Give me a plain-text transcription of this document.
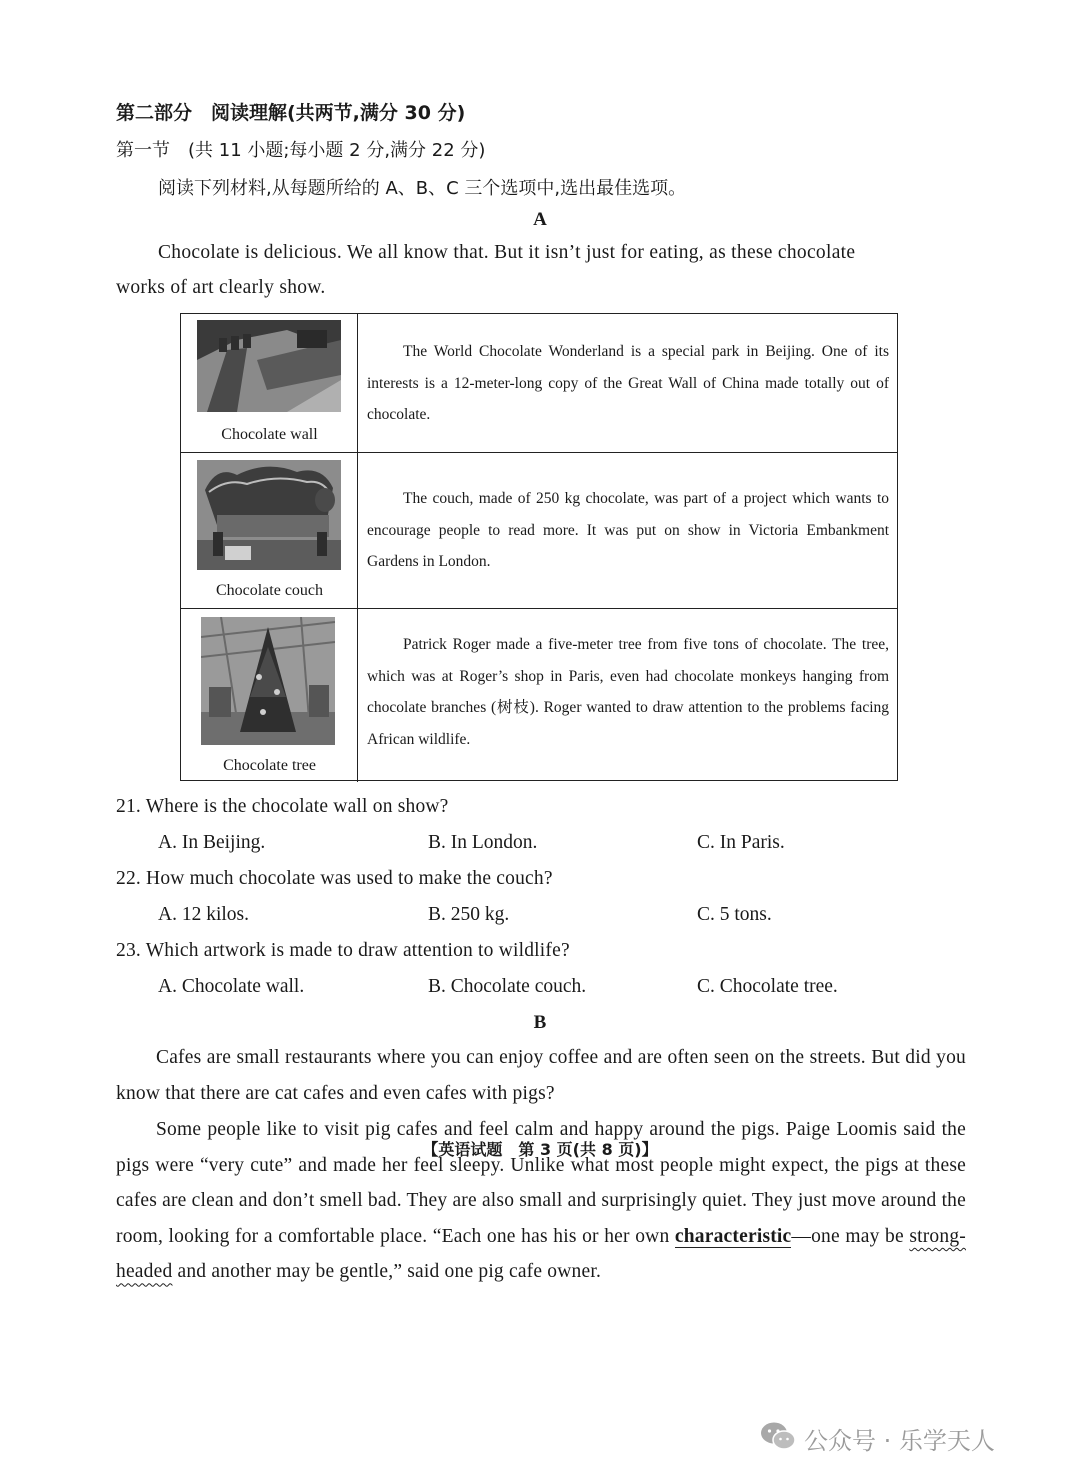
第二部分　阅读理解(共两节,满分 30 分)
第一节　(共 11 小题;每小题 2 分,满分 22 分)
阅读下列材料,从每题所给的 A、B、C 三个选项中,选出最佳选项。
A
Chocolate is delicious. We all know that. But it isn’t just for eating, as these chocolate
works of art clearly show.
Chocolate wall
The World Chocolate Wonderland is a special park in Beijing. One of its interests is a 12-meter-long copy of the Great Wall of China made totally out of chocolate.
Chocolate couch
The couch, made of 250 kg chocolate, was part of a project which wants to encourage people to read more. It was put on show in Victoria Embankment Gardens in London.
Chocolate tree
Patrick Roger made a five-meter tree from five tons of chocolate. The tree, which was at Roger’s shop in Paris, even had chocolate monkeys hanging from chocolate branches (树枝). Roger wanted to draw attention to the problems facing African wildlife.
21. Where is the chocolate wall on show?
A. In Beijing.	B. In London.	C. In Paris.
22. How much chocolate was used to make the couch?
A. 12 kilos.	B. 250 kg.	C. 5 tons.
23. Which artwork is made to draw attention to wildlife?
A. Chocolate wall.	B. Chocolate couch.	C. Chocolate tree.
B
Cafes are small restaurants where you can enjoy coffee and are often seen on the streets. But did you know that there are cat cafes and even cafes with pigs?
Some people like to visit pig cafes and feel calm and happy around the pigs. Paige Loomis said the pigs were “very cute” and made her feel sleepy. Unlike what most people might expect, the pigs at these cafes are clean and don’t smell bad. They are also small and surprisingly quiet. They just move around the room, looking for a comfortable place. “Each one has his or her own characteristic—one may be strong-headed and another may be gentle,” said one pig cafe owner.
【英语试题　第 3 页(共 8 页)】
公众号 · 乐学天人
